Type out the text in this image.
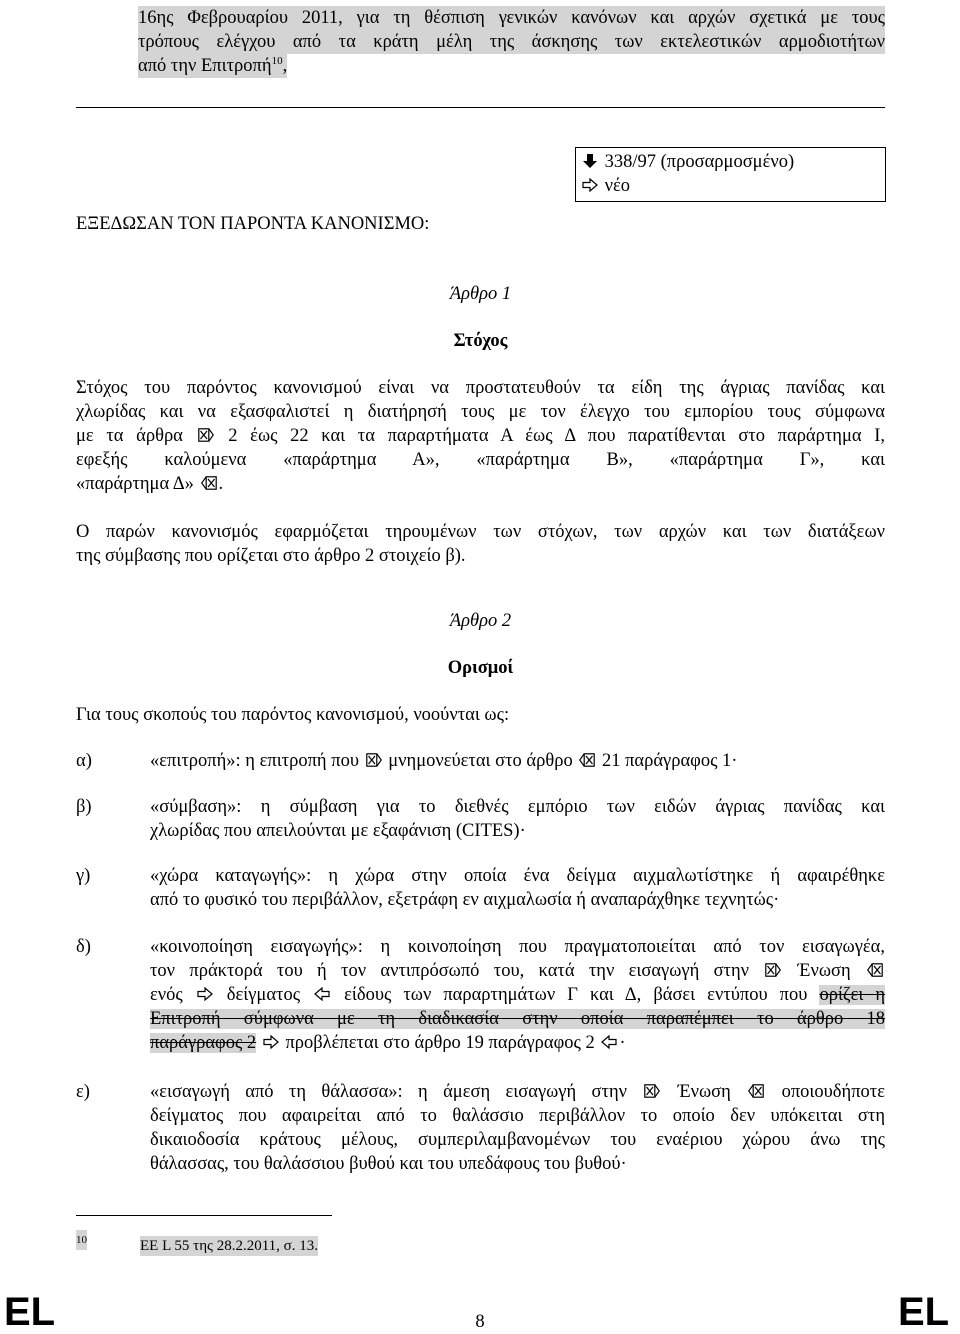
16ης Φεβρουαρίου 2011, για τη θέσπιση γενικών κανόνων και αρχών σχετικά με τους
τρόπους ελέγχου από τα κράτη μέλη της άσκησης των εκτελεστικών αρμοδιοτήτων
από την Επιτροπή$^{10}$,
ΕΞΕΔΩΣΑΝ ΤΟΝ ΠΑΡΟΝΤΑ ΚΑΝΟΝΙΣΜΟ:
338/97 (προσαρμοσμένο)
νέο
Άρθρο 1
Στόχος
Στόχος του παρόντος κανονισμού είναι να προστατευθούν τα είδη της άγριας πανίδας και
χλωρίδας και να εξασφαλιστεί η διατήρησή τους με τον έλεγχο του εμπορίου τους σύμφωνα
με τα άρθρα 2 έως 22 και τα παραρτήματα Α έως Δ που παρατίθενται στο παράρτημα I,
εφεξής καλούμενα «παράρτημα Α», «παράρτημα Β», «παράρτημα Γ», και
«παράρτημα Δ» .
Ο παρών κανονισμός εφαρμόζεται τηρουμένων των στόχων, των αρχών και των διατάξεων
της σύμβασης που ορίζεται στο άρθρο 2 στοιχείο β).
Άρθρο 2
Ορισμοί
Για τους σκοπούς του παρόντος κανονισμού, νοούνται ως:
α)	«επιτροπή»: η επιτροπή που μνημονεύεται στο άρθρο 21 παράγραφος 1·
β)	«σύμβαση»: η σύμβαση για το διεθνές εμπόριο των ειδών άγριας πανίδας και
χλωρίδας που απειλούνται με εξαφάνιση (CITES)·
γ)	«χώρα καταγωγής»: η χώρα στην οποία ένα δείγμα αιχμαλωτίστηκε ή αφαιρέθηκε
από το φυσικό του περιβάλλον, εξετράφη εν αιχμαλωσία ή αναπαράχθηκε τεχνητώς·
δ)	«κοινοποίηση εισαγωγής»: η κοινοποίηση που πραγματοποιείται από τον εισαγωγέα,
τον πράκτορά του ή τον αντιπρόσωπό του, κατά την εισαγωγή στην	Ένωση
ενός δείγματος είδους των παραρτημάτων Γ και Δ, βάσει εντύπου που ορίζει η
Επιτροπή σύμφωνα με τη διαδικασία στην οποία παραπέμπει το άρθρο 18
παράγραφος 2 προβλέπεται στο άρθρο 19 παράγραφος 2 ·
ε)	«εισαγωγή από τη θάλασσα»: η άμεση εισαγωγή στην	Ένωση	οποιουδήποτε
δείγματος που αφαιρείται από το θαλάσσιο περιβάλλον το οποίο δεν υπόκειται στη
δικαιοδοσία κράτους μέλους, συμπεριλαμβανομένων του εναέριου χώρου άνω της
θάλασσας, του θαλάσσιου βυθού και του υπεδάφους του βυθού·
10	EE L 55 της 28.2.2011, σ. 13.
EL	8	EL
